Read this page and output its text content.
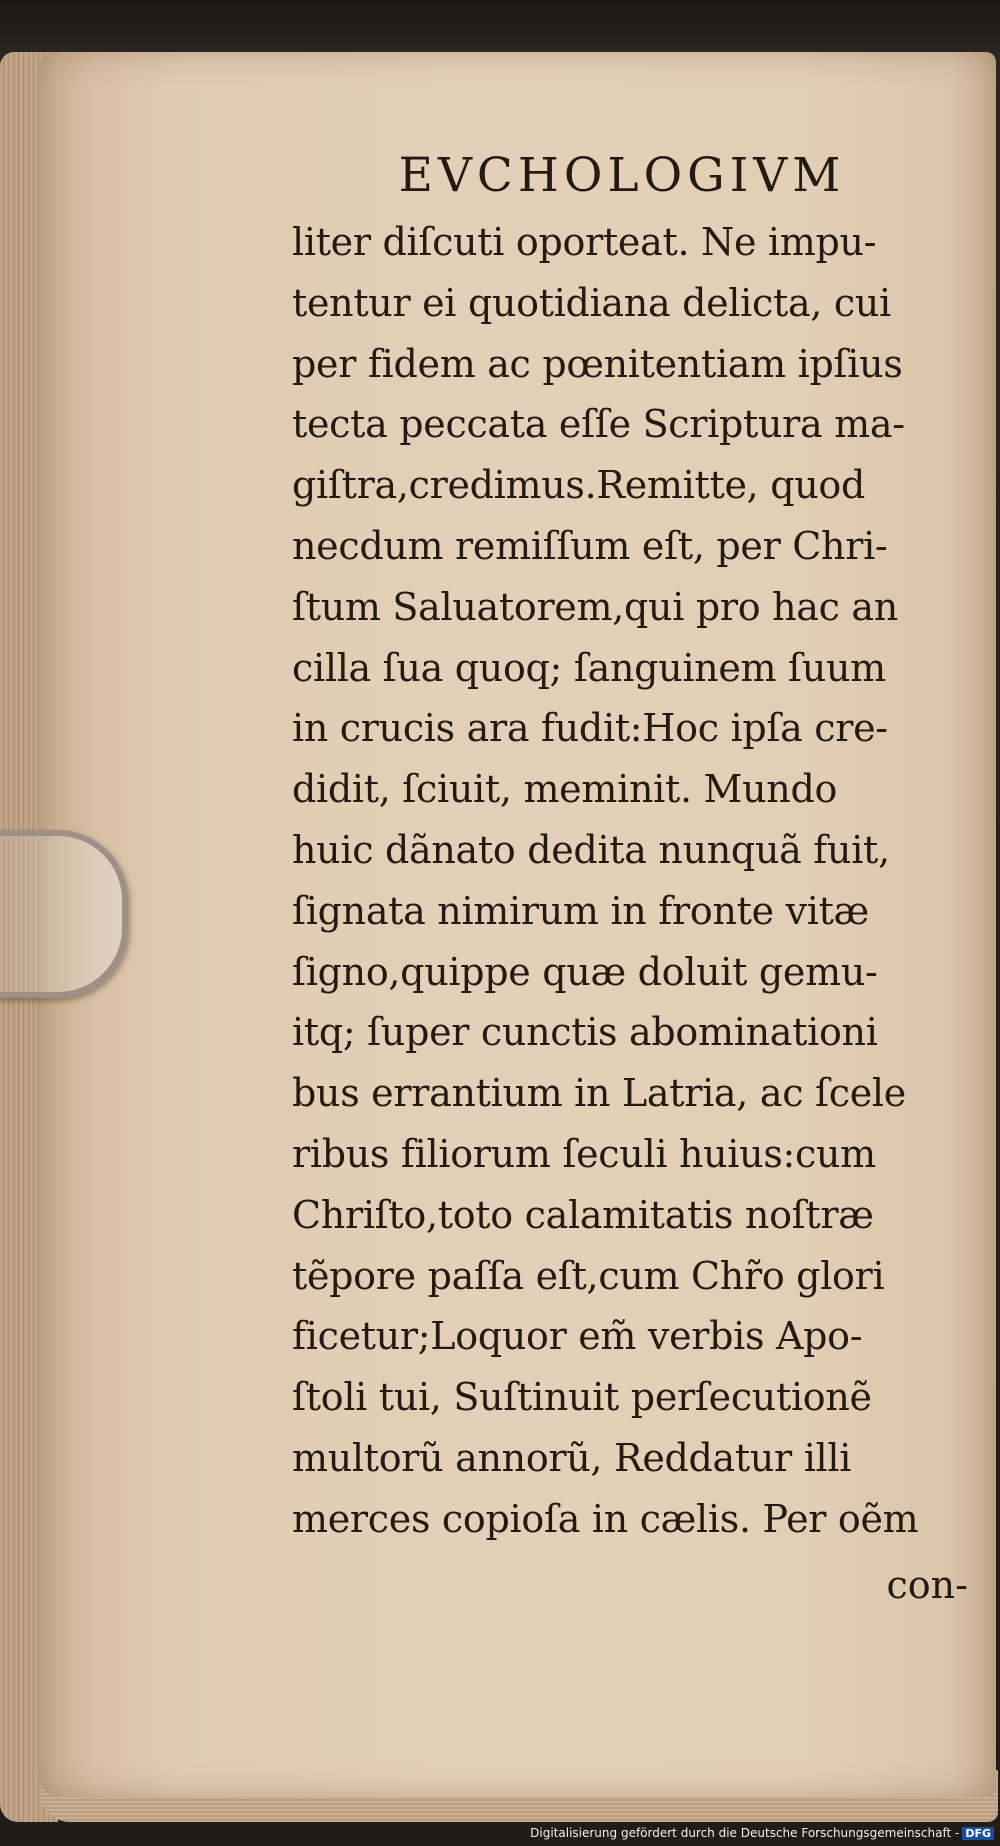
EVCHOLOGIVM
liter diſcuti oporteat. Ne impu-
tentur ei quotidiana delicta, cui
per fidem ac pœnitentiam ipſius
tecta peccata eſſe Scriptura ma-
giſtra,credimus.Remitte, quod
necdum remiſſum eſt, per Chri-
ſtum Saluatorem,qui pro hac an
cilla ſua quoq; ſanguinem ſuum
in crucis ara fudit:Hoc ipſa cre-
didit, ſciuit, meminit. Mundo
huic dãnato dedita nunquã fuit,
ſignata nimirum in fronte vitæ
ſigno,quippe quæ doluit gemu-
itq; ſuper cunctis abominationi
bus errantium in Latria, ac ſcele
ribus filiorum ſeculi huius:cum
Chriſto,toto calamitatis noſtræ
tẽpore paſſa eſt,cum Chr̃o glori
ficetur;Loquor em̃ verbis Apo-
ſtoli tui, Suſtinuit perſecutionẽ
multorũ annorũ, Reddatur illi
merces copioſa in cælis. Per oẽm
con-
Digitalisierung gefördert durch die Deutsche Forschungsgemeinschaft - DFG
